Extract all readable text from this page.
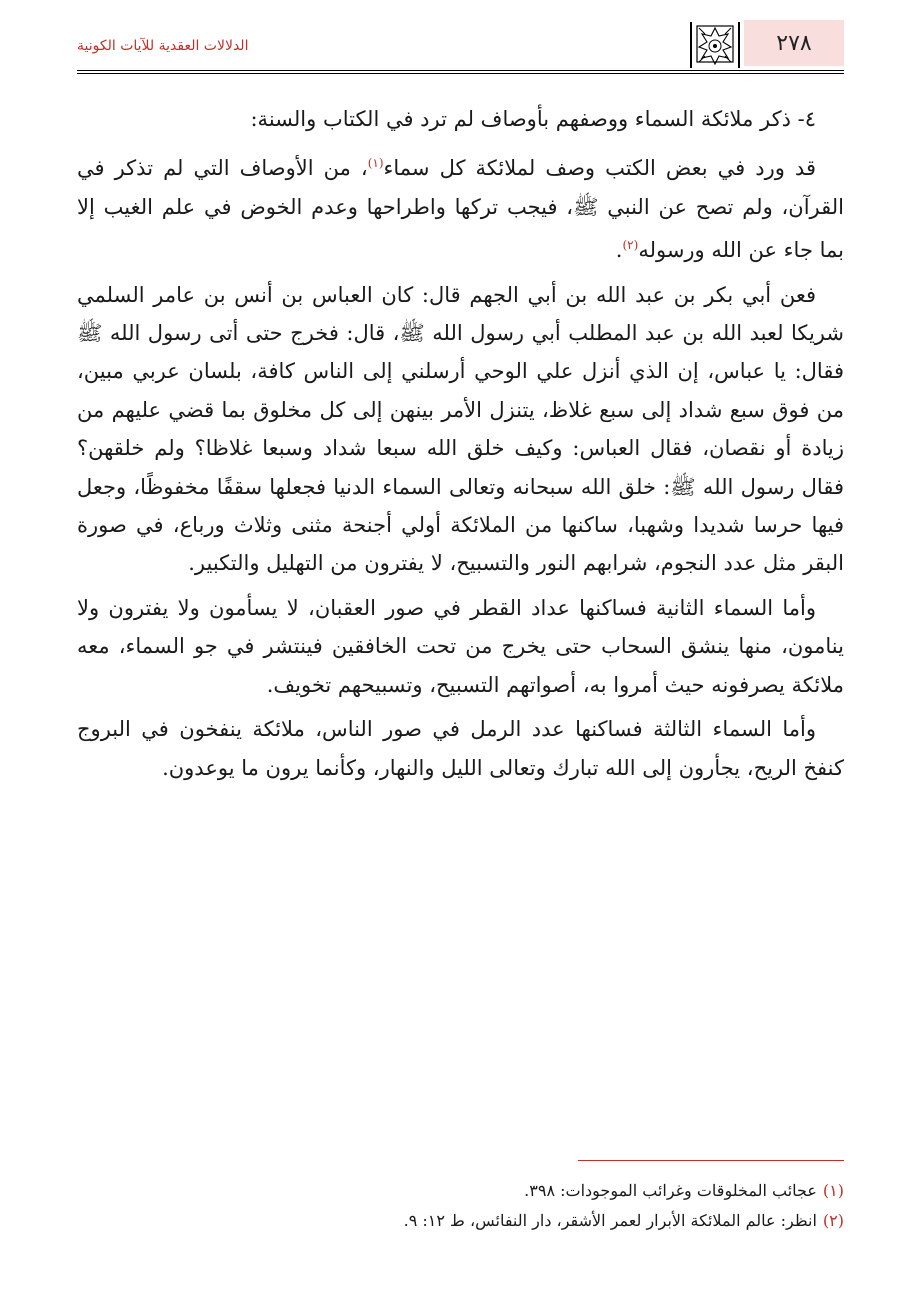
الدلالات العقدية للآيات الكونية	٢٧٨

٤- ذكر ملائكة السماء ووصفهم بأوصاف لم ترد في الكتاب والسنة:

قد ورد في بعض الكتب وصف لملائكة كل سماء$^{(١)}$، من الأوصاف التي لم تذكر في القرآن، ولم تصح عن النبي ﷺ، فيجب تركها واطراحها وعدم الخوض في علم الغيب إلا بما جاء عن الله ورسوله$^{(٢)}$.

فعن أبي بكر بن عبد الله بن أبي الجهم قال: كان العباس بن أنس بن عامر السلمي شريكا لعبد الله بن عبد المطلب أبي رسول الله ﷺ، قال: فخرج حتى أتى رسول الله ﷺ فقال: يا عباس، إن الذي أنزل علي الوحي أرسلني إلى الناس كافة، بلسان عربي مبين، من فوق سبع شداد إلى سبع غلاظ، يتنزل الأمر بينهن إلى كل مخلوق بما قضي عليهم من زيادة أو نقصان، فقال العباس: وكيف خلق الله سبعا شداد وسبعا غلاظا؟ ولم خلقهن؟ فقال رسول الله ﷺ: خلق الله سبحانه وتعالى السماء الدنيا فجعلها سقفًا مخفوظًا، وجعل فيها حرسا شديدا وشهبا، ساكنها من الملائكة أولي أجنحة مثنى وثلاث ورباع، في صورة البقر مثل عدد النجوم، شرابهم النور والتسبيح، لا يفترون من التهليل والتكبير.

وأما السماء الثانية فساكنها عداد القطر في صور العقبان، لا يسأمون ولا يفترون ولا ينامون، منها ينشق السحاب حتى يخرج من تحت الخافقين فينتشر في جو السماء، معه ملائكة يصرفونه حيث أمروا به، أصواتهم التسبيح، وتسبيحهم تخويف.

وأما السماء الثالثة فساكنها عدد الرمل في صور الناس، ملائكة ينفخون في البروج كنفخ الريح، يجأرون إلى الله تبارك وتعالى الليل والنهار، وكأنما يرون ما يوعدون.

(١)عجائب المخلوقات وغرائب الموجودات: ٣٩٨.
(٢)انظر: عالم الملائكة الأبرار لعمر الأشقر، دار النفائس، ط ١٢: ٩.
